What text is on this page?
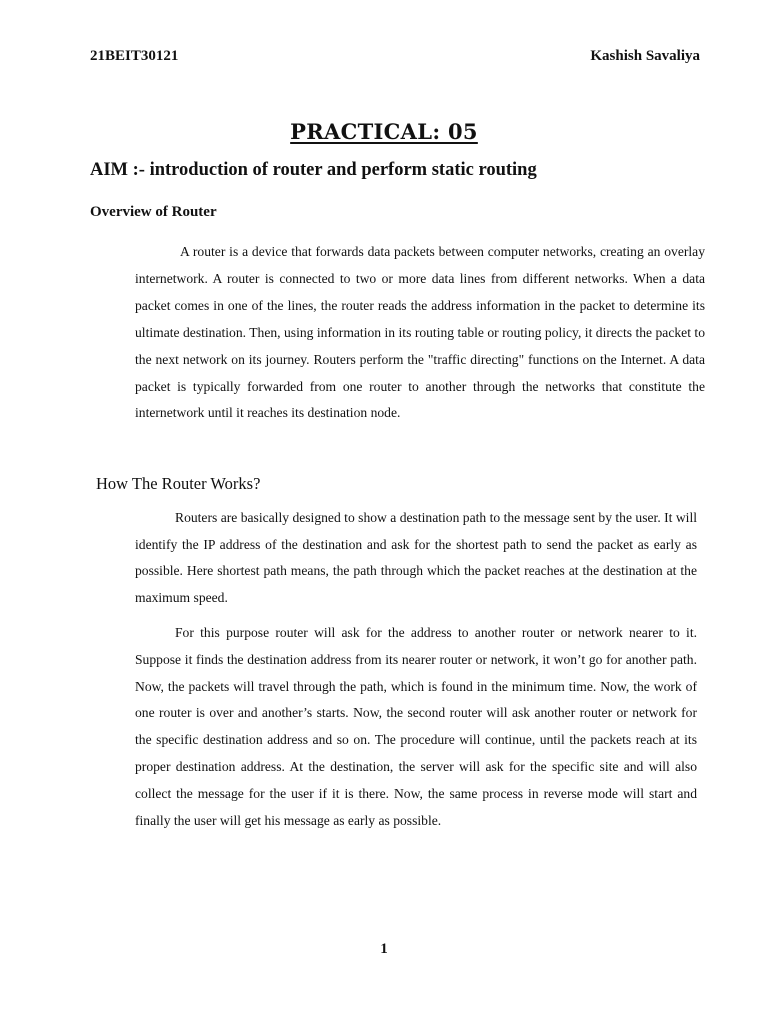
21BEIT30121	Kashish Savaliya
PRACTICAL: 05
AIM :- introduction of router and perform static routing
Overview of Router
A router is a device that forwards data packets between computer networks, creating an overlay internetwork. A router is connected to two or more data lines from different networks. When a data packet comes in one of the lines, the router reads the address information in the packet to determine its ultimate destination. Then, using information in its routing table or routing policy, it directs the packet to the next network on its journey. Routers perform the "traffic directing" functions on the Internet. A data packet is typically forwarded from one router to another through the networks that constitute the internetwork until it reaches its destination node.
How The Router Works?
Routers are basically designed to show a destination path to the message sent by the user. It will identify the IP address of the destination and ask for the shortest path to send the packet as early as possible. Here shortest path means, the path through which the packet reaches at the destination at the maximum speed.
For this purpose router will ask for the address to another router or network nearer to it. Suppose it finds the destination address from its nearer router or network, it won’t go for another path. Now, the packets will travel through the path, which is found in the minimum time. Now, the work of one router is over and another’s starts. Now, the second router will ask another router or network for the specific destination address and so on. The procedure will continue, until the packets reach at its proper destination address. At the destination, the server will ask for the specific site and will also collect the message for the user if it is there. Now, the same process in reverse mode will start and finally the user will get his message as early as possible.
1
